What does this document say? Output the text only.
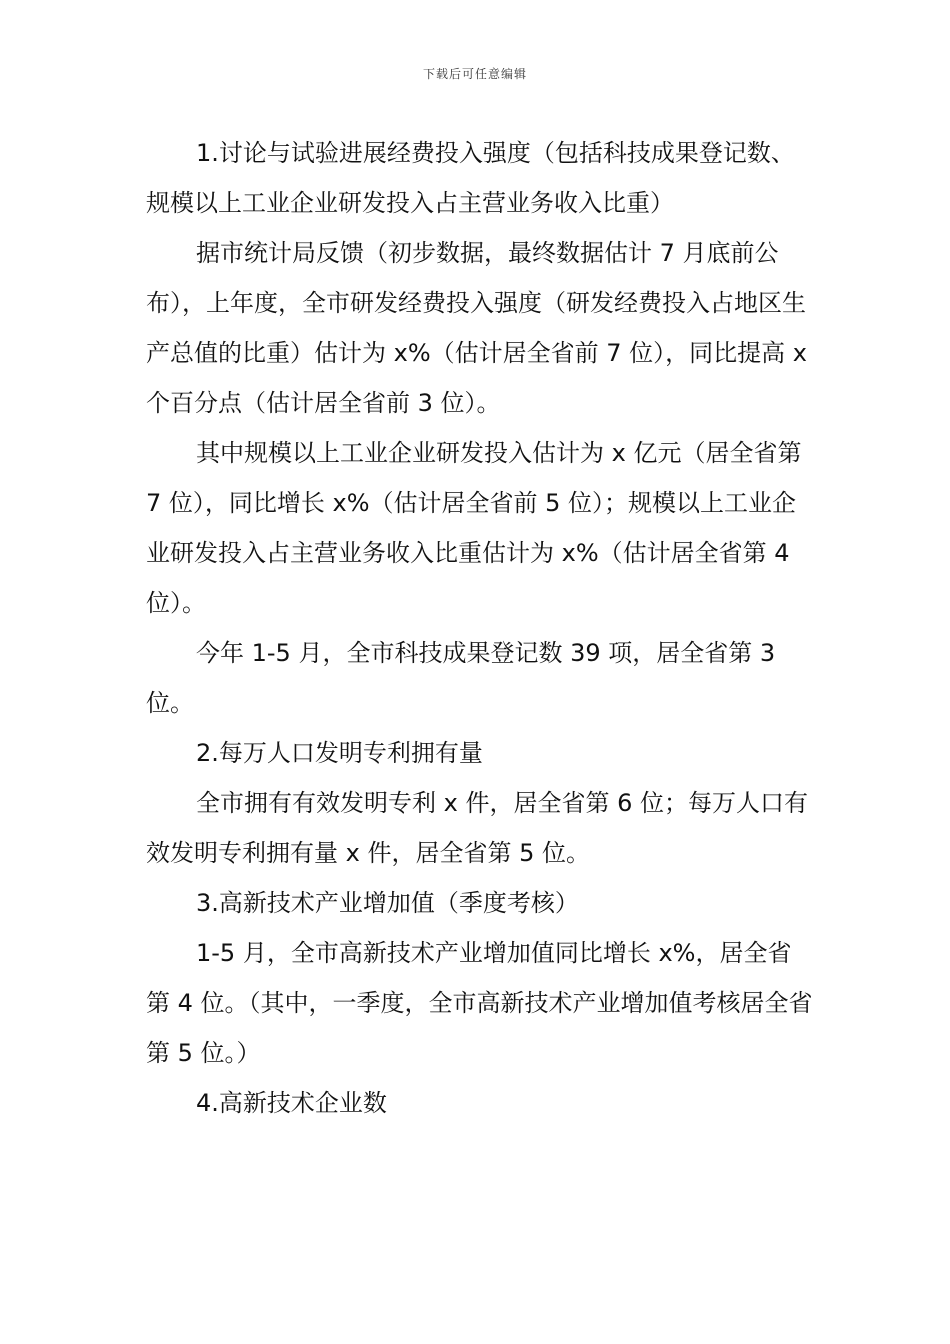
下载后可任意编辑

1.讨论与试验进展经费投入强度（包括科技成果登记数、规模以上工业企业研发投入占主营业务收入比重）

据市统计局反馈（初步数据，最终数据估计 7 月底前公布），上年度，全市研发经费投入强度（研发经费投入占地区生产总值的比重）估计为 x%（估计居全省前 7 位），同比提高 x 个百分点（估计居全省前 3 位）。

其中规模以上工业企业研发投入估计为 x 亿元（居全省第 7 位），同比增长 x%（估计居全省前 5 位）；规模以上工业企业研发投入占主营业务收入比重估计为 x%（估计居全省第 4 位）。

今年 1-5 月，全市科技成果登记数 39 项，居全省第 3 位。

2.每万人口发明专利拥有量

全市拥有有效发明专利 x 件，居全省第 6 位；每万人口有效发明专利拥有量 x 件，居全省第 5 位。

3.高新技术产业增加值（季度考核）

1-5 月，全市高新技术产业增加值同比增长 x%，居全省第 4 位。（其中，一季度，全市高新技术产业增加值考核居全省第 5 位。）

4.高新技术企业数
